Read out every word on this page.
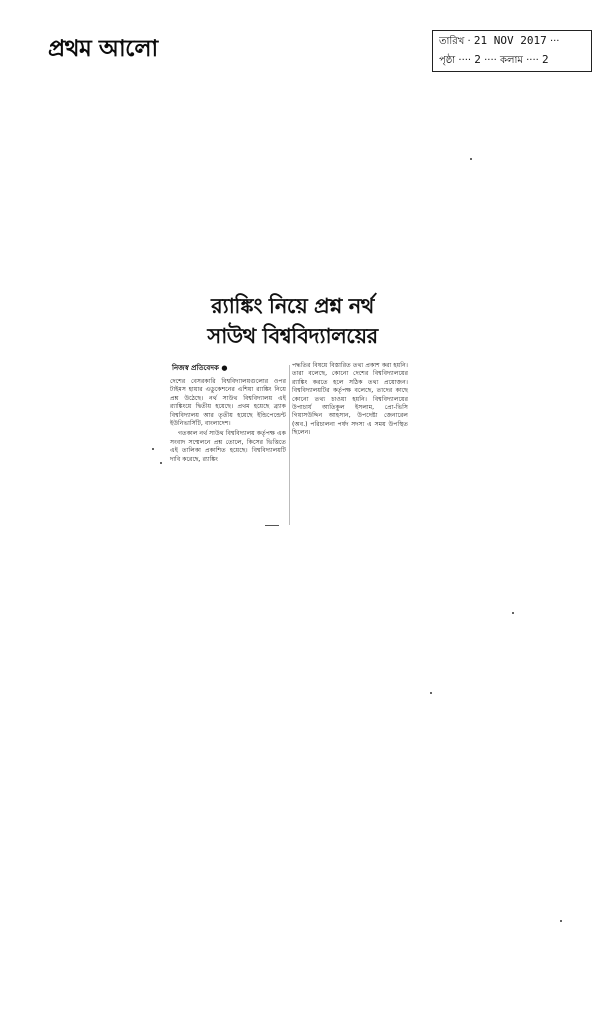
প্রথম আলো	তারিখ · 21 NOV 2017 ···
পৃষ্ঠা ···· 2 ···· কলাম ···· 2
র‍্যাঙ্কিং নিয়ে প্রশ্ন নর্থ
সাউথ বিশ্ববিদ্যালয়ের
নিজস্ব প্রতিবেদক ●

দেশের বেসরকারি বিশ্ববিদ্যালয়গুলোর ওপর টাইমস হায়ার এডুকেশনের এশিয়া র‍্যাঙ্কিং নিয়ে প্রশ্ন উঠেছে। নর্থ সাউথ বিশ্ববিদ্যালয় এই র‍্যাঙ্কিংয়ে দ্বিতীয় হয়েছে। প্রথম হয়েছে ব্র্যাক বিশ্ববিদ্যালয় আর তৃতীয় হয়েছে ইন্ডিপেন্ডেন্ট ইউনিভার্সিটি, বাংলাদেশ।

গতকাল নর্থ সাউথ বিশ্ববিদ্যালয় কর্তৃপক্ষ এক সংবাদ সম্মেলনে প্রশ্ন তোলে, কিসের ভিত্তিতে এই তালিকা প্রকাশিত হয়েছে। বিশ্ববিদ্যালয়টি দাবি করেছে, র‍্যাঙ্কিং

পদ্ধতির বিষয়ে বিস্তারিত তথ্য প্রকাশ করা হয়নি। তারা বলেছে, কোনো দেশের বিশ্ববিদ্যালয়ের র‍্যাঙ্কিং করতে হলে সঠিক তথ্য প্রয়োজন। বিশ্ববিদ্যালয়টির কর্তৃপক্ষ বলেছে, তাদের কাছে কোনো তথ্য চাওয়া হয়নি। বিশ্ববিদ্যালয়ের উপাচার্য আতিকুল ইসলাম, প্রো-ভিসি গিয়াসউদ্দিন আহসান, উপদেষ্টা জেনারেল (অব.) পরিচালনা পর্ষদ সদস্য এ সময় উপস্থিত ছিলেন।
